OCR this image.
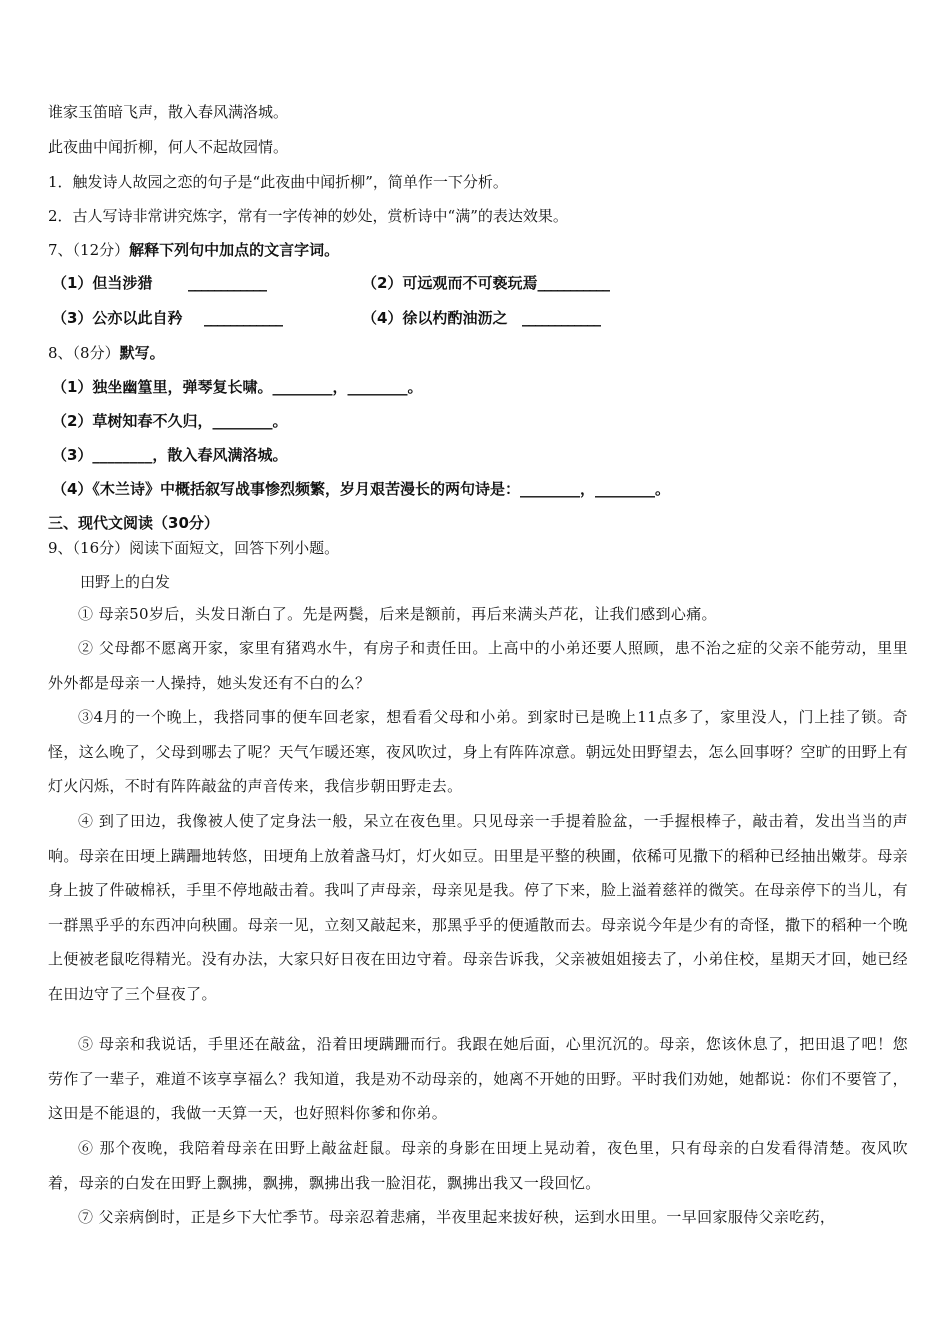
谁家玉笛暗飞声，散入春风满洛城。
此夜曲中闻折柳，何人不起故园情。
1．触发诗人故园之恋的句子是“此夜曲中闻折柳”，简单作一下分析。
2．古人写诗非常讲究炼字，常有一字传神的妙处，赏析诗中“满”的表达效果。
7、（12分）解释下列句中加点的文言字词。
（1）但当涉猎 ____________	（2）可远观而不可亵玩焉___________
（3）公亦以此自矜 ____________	（4）徐以杓酌油沥之 ____________
8、（8分）默写。
（1）独坐幽篁里，弹琴复长啸。________，________。
（2）草树知春不久归，________。
（3）________，散入春风满洛城。
（4）《木兰诗》中概括叙写战事惨烈频繁，岁月艰苦漫长的两句诗是：________，________。
三、现代文阅读（30分）
9、（16分）阅读下面短文，回答下列小题。
田野上的白发
① 母亲50岁后，头发日渐白了。先是两鬓，后来是额前，再后来满头芦花，让我们感到心痛。
② 父母都不愿离开家，家里有猪鸡水牛，有房子和责任田。上高中的小弟还要人照顾，患不治之症的父亲不能劳动，里里外外都是母亲一人操持，她头发还有不白的么？
③4月的一个晚上，我搭同事的便车回老家，想看看父母和小弟。到家时已是晚上11点多了，家里没人，门上挂了锁。奇怪，这么晚了，父母到哪去了呢？天气乍暖还寒，夜风吹过，身上有阵阵凉意。朝远处田野望去，怎么回事呀？空旷的田野上有灯火闪烁，不时有阵阵敲盆的声音传来，我信步朝田野走去。
④ 到了田边，我像被人使了定身法一般，呆立在夜色里。只见母亲一手提着脸盆，一手握根棒子，敲击着，发出当当的声响。母亲在田埂上蹒跚地转悠，田埂角上放着盏马灯，灯火如豆。田里是平整的秧圃，依稀可见撒下的稻种已经抽出嫩芽。母亲身上披了件破棉袄，手里不停地敲击着。我叫了声母亲，母亲见是我。停了下来，脸上溢着慈祥的微笑。在母亲停下的当儿，有一群黑乎乎的东西冲向秧圃。母亲一见，立刻又敲起来，那黑乎乎的便遁散而去。母亲说今年是少有的奇怪，撒下的稻种一个晚上便被老鼠吃得精光。没有办法，大家只好日夜在田边守着。母亲告诉我，父亲被姐姐接去了，小弟住校，星期天才回，她已经在田边守了三个昼夜了。
⑤ 母亲和我说话，手里还在敲盆，沿着田埂蹒跚而行。我跟在她后面，心里沉沉的。母亲，您该休息了，把田退了吧！您劳作了一辈子，难道不该享享福么？我知道，我是劝不动母亲的，她离不开她的田野。平时我们劝她，她都说：你们不要管了，这田是不能退的，我做一天算一天，也好照料你爹和你弟。
⑥ 那个夜晚，我陪着母亲在田野上敲盆赶鼠。母亲的身影在田埂上晃动着，夜色里，只有母亲的白发看得清楚。夜风吹着，母亲的白发在田野上飘拂，飘拂，飘拂出我一脸泪花，飘拂出我又一段回忆。
⑦ 父亲病倒时，正是乡下大忙季节。母亲忍着悲痛，半夜里起来拔好秧，运到水田里。一早回家服侍父亲吃药，
